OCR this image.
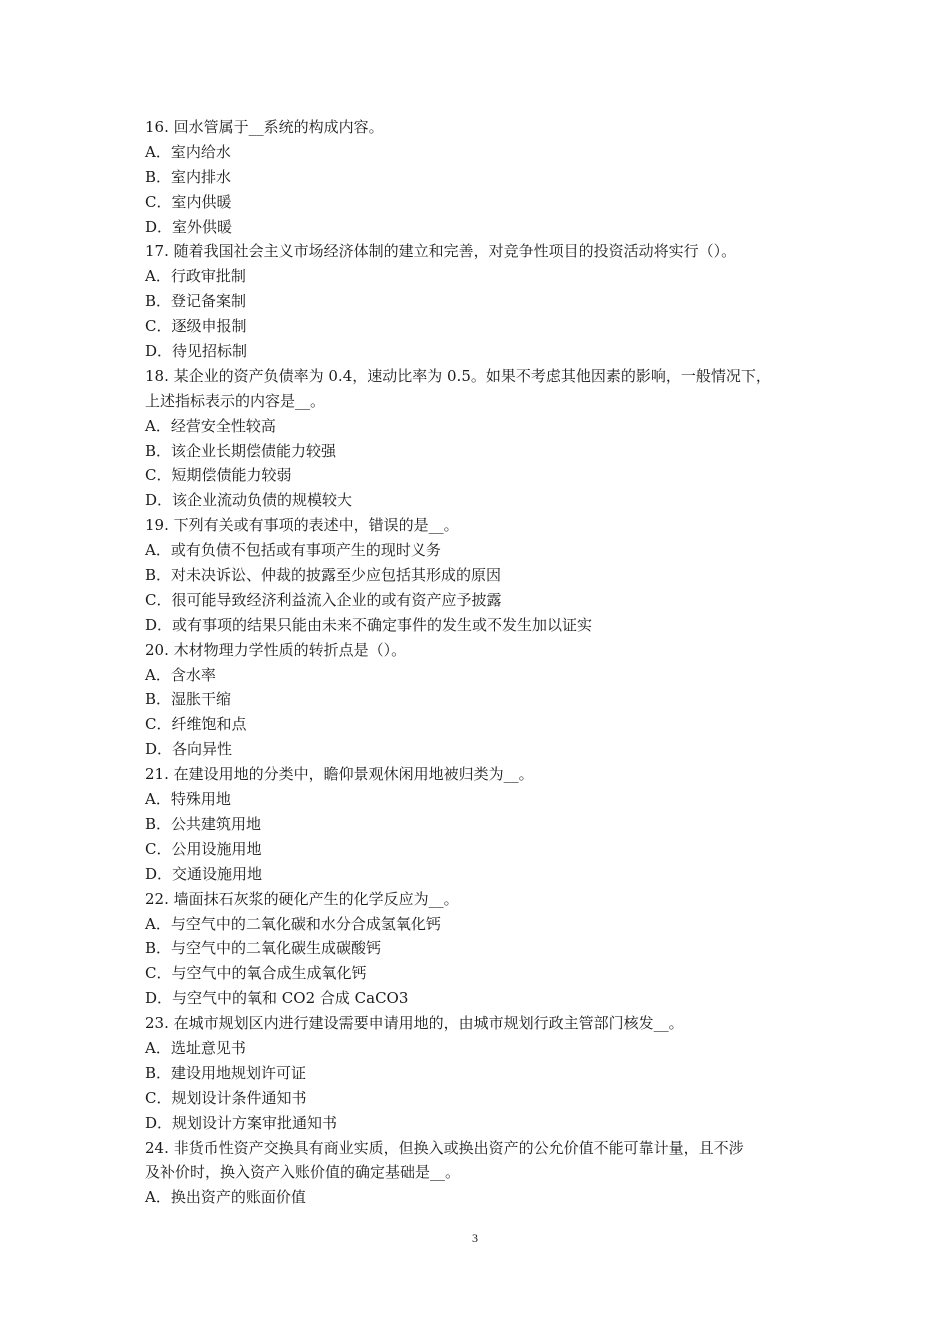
16. 回水管属于__系统的构成内容。

A．室内给水

B．室内排水

C．室内供暖

D．室外供暖

17. 随着我国社会主义市场经济体制的建立和完善，对竞争性项目的投资活动将实行（）。

A．行政审批制

B．登记备案制

C．逐级申报制

D．待见招标制

18. 某企业的资产负债率为 0.4，速动比率为 0.5。如果不考虑其他因素的影响，一般情况下，

上述指标表示的内容是__。

A．经营安全性较高

B．该企业长期偿债能力较强

C．短期偿债能力较弱

D．该企业流动负债的规模较大

19. 下列有关或有事项的表述中，错误的是__。

A．或有负债不包括或有事项产生的现时义务

B．对未决诉讼、仲裁的披露至少应包括其形成的原因

C．很可能导致经济利益流入企业的或有资产应予披露

D．或有事项的结果只能由未来不确定事件的发生或不发生加以证实

20. 木材物理力学性质的转折点是（）。

A．含水率

B．湿胀干缩

C．纤维饱和点

D．各向异性

21. 在建设用地的分类中，瞻仰景观休闲用地被归类为__。

A．特殊用地

B．公共建筑用地

C．公用设施用地

D．交通设施用地

22. 墙面抹石灰浆的硬化产生的化学反应为__。

A．与空气中的二氧化碳和水分合成氢氧化钙

B．与空气中的二氧化碳生成碳酸钙

C．与空气中的氧合成生成氧化钙

D．与空气中的氧和 CO2 合成 CaCO3

23. 在城市规划区内进行建设需要申请用地的，由城市规划行政主管部门核发__。

A．选址意见书

B．建设用地规划许可证

C．规划设计条件通知书

D．规划设计方案审批通知书

24. 非货币性资产交换具有商业实质，但换入或换出资产的公允价值不能可靠计量，且不涉

及补价时，换入资产入账价值的确定基础是__。

A．换出资产的账面价值

3
